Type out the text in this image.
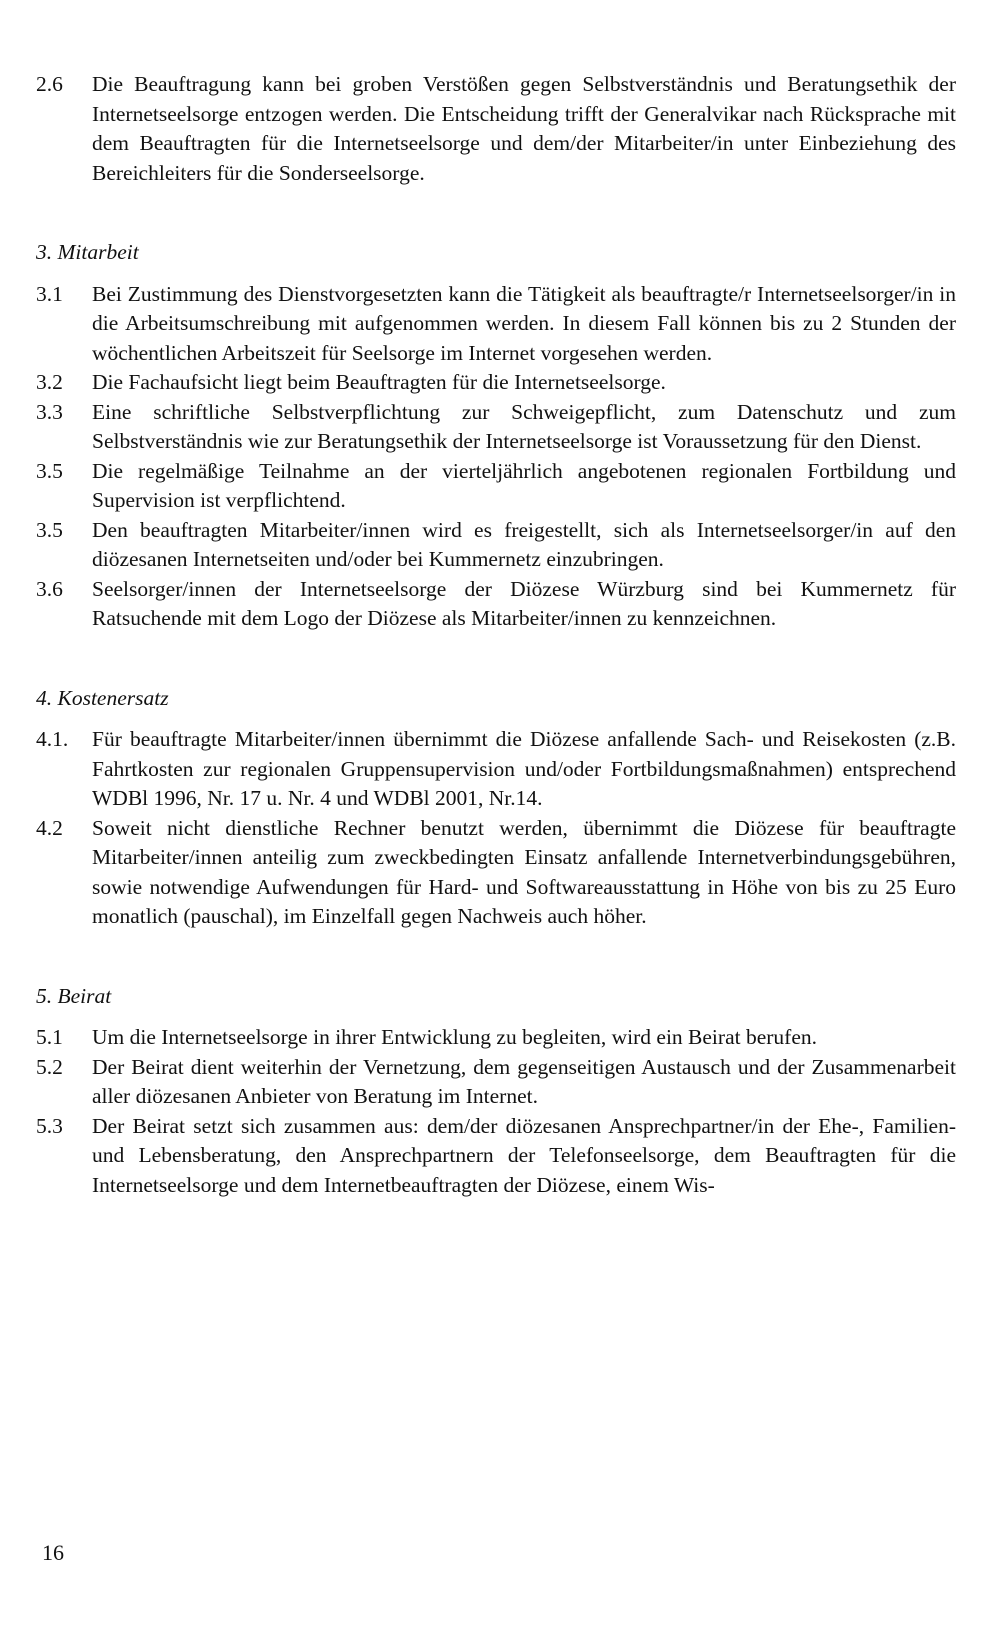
2.6	Die Beauftragung kann bei groben Verstößen gegen Selbstverständnis und Beratungsethik der Internetseelsorge entzogen werden. Die Entscheidung trifft der Generalvikar nach Rücksprache mit dem Beauftragten für die Internetseelsorge und dem/der Mitarbeiter/in unter Einbeziehung des Bereichleiters für die Sonderseelsorge.

3. Mitarbeit

3.1	Bei Zustimmung des Dienstvorgesetzten kann die Tätigkeit als beauftragte/r Internetseelsorger/in in die Arbeitsumschreibung mit aufgenommen werden. In diesem Fall können bis zu 2 Stunden der wöchentlichen Arbeitszeit für Seelsorge im Internet vorgesehen werden.

3.2	Die Fachaufsicht liegt beim Beauftragten für die Internetseelsorge.

3.3	Eine schriftliche Selbstverpflichtung zur Schweigepflicht, zum Datenschutz und zum Selbstverständnis wie zur Beratungsethik der Internetseelsorge ist Voraussetzung für den Dienst.

3.5	Die regelmäßige Teilnahme an der vierteljährlich angebotenen regionalen Fortbildung und Supervision ist verpflichtend.

3.5	Den beauftragten Mitarbeiter/innen wird es freigestellt, sich als Internetseelsorger/in auf den diözesanen Internetseiten und/oder bei Kummernetz einzubringen.

3.6	Seelsorger/innen der Internetseelsorge der Diözese Würzburg sind bei Kummernetz für Ratsuchende mit dem Logo der Diözese als Mitarbeiter/innen zu kennzeichnen.

4. Kostenersatz

4.1.	Für beauftragte Mitarbeiter/innen übernimmt die Diözese anfallende Sach- und Reisekosten (z.B. Fahrtkosten zur regionalen Gruppensupervision und/oder Fortbildungsmaßnahmen) entsprechend WDBl 1996, Nr. 17 u. Nr. 4 und WDBl 2001, Nr.14.

4.2	Soweit nicht dienstliche Rechner benutzt werden, übernimmt die Diözese für beauftragte Mitarbeiter/innen anteilig zum zweckbedingten Einsatz anfallende Internetverbindungsgebühren, sowie notwendige Aufwendungen für Hard- und Softwareausstattung in Höhe von bis zu 25 Euro monatlich (pauschal), im Einzelfall gegen Nachweis auch höher.

5. Beirat

5.1	Um die Internetseelsorge in ihrer Entwicklung zu begleiten, wird ein Beirat berufen.

5.2	Der Beirat dient weiterhin der Vernetzung, dem gegenseitigen Austausch und der Zusammenarbeit aller diözesanen Anbieter von Beratung im Internet.

5.3	Der Beirat setzt sich zusammen aus: dem/der diözesanen Ansprechpartner/in der Ehe-, Familien- und Lebensberatung, den Ansprechpartnern der Telefonseelsorge, dem Beauftragten für die Internetseelsorge und dem Internetbeauftragten der Diözese, einem Wis-

16
